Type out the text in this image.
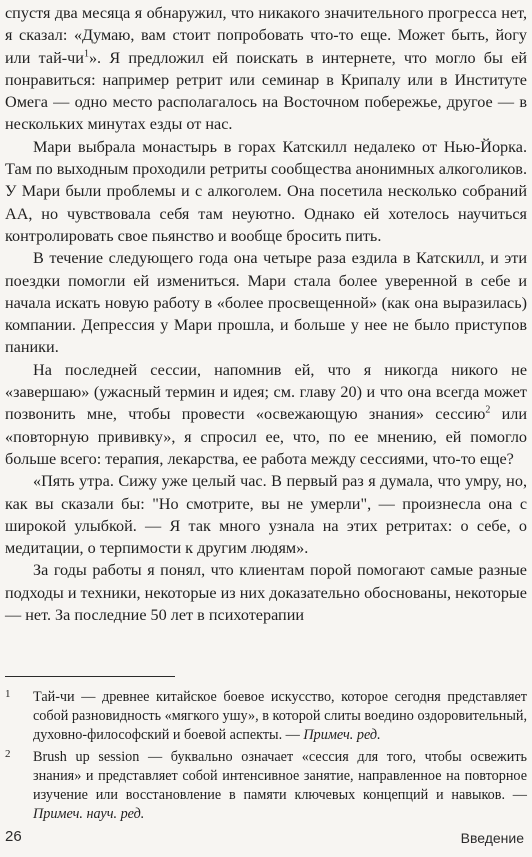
спустя два месяца я обнаружил, что никакого значительного прогресса нет, я сказал: «Думаю, вам стоит попробовать что-то еще. Может быть, йогу или тай-$чи^1$». Я предложил ей поискать в интернете, что могло бы ей понравиться: например ретрит или семинар в Крипалу или в Институте Омега — одно место располагалось на Восточном побережье, другое — в нескольких минутах езды от нас.

Мари выбрала монастырь в горах Катскилл недалеко от Нью-Йорка. Там по выходным проходили ретриты сообщества анонимных алкоголиков. У Мари были проблемы и с алкоголем. Она посетила несколько собраний АА, но чувствовала себя там неуютно. Однако ей хотелось научиться контролировать свое пьянство и вообще бросить пить.

В течение следующего года она четыре раза ездила в Катскилл, и эти поездки помогли ей измениться. Мари стала более уверенной в себе и начала искать новую работу в «более просвещенной» (как она выразилась) компании. Депрессия у Мари прошла, и больше у нее не было приступов паники.

На последней сессии, напомнив ей, что я никогда никого не «завершаю» (ужасный термин и идея; см. главу 20) и что она всегда может позвонить мне, чтобы провести «освежающую знания» сессию$^2$ или «повторную прививку», я спросил ее, что, по ее мнению, ей помогло больше всего: терапия, лекарства, ее работа между сессиями, что-то еще?

«Пять утра. Сижу уже целый час. В первый раз я думала, что умру, но, как вы сказали бы: "Но смотрите, вы не умерли", — произнесла она с широкой улыбкой. — Я так много узнала на этих ретритах: о себе, о медитации, о терпимости к другим людям».

За годы работы я понял, что клиентам порой помогают самые разные подходы и техники, некоторые из них доказательно обоснованы, некоторые — нет. За последние 50 лет в психотерапии

1 Тай-чи — древнее китайское боевое искусство, которое сегодня представляет собой разновидность «мягкого ушу», в которой слиты воедино оздоровительный, духовно-философский и боевой аспекты. — Примеч. ред.
2 Brush up session — буквально означает «сессия для того, чтобы освежить знания» и представляет собой интенсивное занятие, направленное на повторное изучение или восстановление в памяти ключевых концепций и навыков. — Примеч. науч. ред.
26	Введение
